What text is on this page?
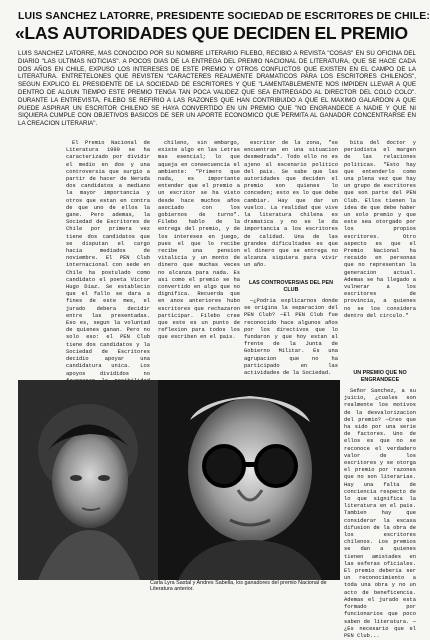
LUIS SANCHEZ LATORRE, PRESIDENTE SOCIEDAD DE ESCRITORES DE CHILE:
«LAS AUTORIDADES QUE DECIDEN EL PREMIO
LUIS SANCHEZ LATORRE, MAS CONOCIDO POR SU NOMBRE LITERARIO FILEBO, RECIBIO A REVISTA "COSAS" EN SU OFICINA DEL DIARIO "LAS ULTIMAS NOTICIAS". A POCOS DIAS DE LA ENTREGA DEL PREMIO NACIONAL DE LITERATURA, QUE SE HACE CADA DOS AÑOS EN CHILE, EXPUSO LOS INTERESES DE ESTE PREMIO Y OTROS CONFLICTOS QUE EXISTEN EN EL CAMPO DE LA LITERATURA. ENTRETELONES QUE REVISTEN "CARACTERES REALMENTE DRAMATICOS PARA LOS ESCRITORES CHILENOS", SEGUN EXPLICO EL PRESIDENTE DE LA SOCIEDAD DE ESCRITORES Y QUE "LAMENTABLEMENTE NOS IMPIDEN LLEVAR A QUE DENTRO DE ALGUN TIEMPO ESTE PREMIO TENGA TAN POCA VALIDEZ QUE SEA ENTREGADO AL DIRECTOR DEL COLO COLO". DURANTE LA ENTREVISTA, FILEBO SE REFIRIO A LAS RAZONES QUE HAN CONTRIBUIDO A QUE EL MAXIMO GALARDON A QUE PUEDE ASPIRAR UN ESCRITOR CHILENO SE HAYA CONVERTIDO EN UN PREMIO QUE "NO ENGRANDECE A NADIE Y QUE NI SIQUIERA CUMPLE CON OBJETIVOS BASICOS DE SER UN APORTE ECONOMICO QUE PERMITA AL GANADOR CONCENTRARSE EN LA CREACION LITERARIA".
El Premio Nacional de Literatura 1990 se ha caracterizado por dividir el medio en dos y una controversia que surgio a partir de hacer de Neruda dos candidatos a mediano la mayor importancia y otros que estan en contra de que uno de ellos la gane. Pero ademas, la Sociedad de Escritores de Chile por primera vez tiene dos candidatos que se disputan el cargo hacia mediados de noviembre. El PEN Club internacional con sede en Chile ha postulado como candidato el poeta Victor Hugo Diaz. Se establecio que el fallo se dara a fines de este mes, el jurado debera decidir entre las presentadas. Eso es, segun la voluntad de quienes ganan. Pero no solo eso: el PEN Club tiene dos candidatos y la Sociedad de Escritores decidio apoyar una candidatura unica. Los apoyos divididos no
chileno, sin embargo, existe algo en las Letras mas esencial; lo que aqueja en consecuencia el ambiente: "Primero que nada, es importante entender que el premio a un escritor se ha visto desde hace muchos años asociado con los gobiernos de turno". Filebo hablo de la entrega del premio, y de los intereses en juego, pues el que lo recibe recibe una pension vitalicia y un monto de dinero que muchas veces no alcanza para nada. Es asi como el premio se ha convertido en algo que no dignifica. Recuerda que en anos anteriores hubo escritores que rechazaron participar. Filebo cree que este es un punto de reflexion para todos los que escriben en el pais.
escritor de la zona, "se encuentran en una situacion desmedrada". Todo ello no es ajeno al escenario politico del pais. Se sabe que las autoridades que deciden el premio son quienes lo conceden; esto es lo que debe cambiar. Hay que dar un vuelco. La realidad que vive la literatura chilena es dramatica y no se le da importancia a los escritores de calidad. Una de las grandes dificultades es que el dinero que se entrega no alcanza siquiera para vivir un año.
LAS CONTROVERSIAS DEL PEN CLUB
—¿Podria explicarnos donde se origina la separacion del PEN Club? —El PEN Club fue reconocido hace algunos años por los directivos que lo fundaron y que hoy estan al frente de la Junta de Gobierno Militar. Es una agrupacion que no ha participado en las actividades de la Sociedad.
bita del doctor y periodista el margen de las relaciones politicas. "Esto hay que entenderlo como una plena vez que hay un grupo de escritores que son parte del PEN Club. Ellos tienen la idea de que debe haber un solo premio y que este sea otorgado por los propios escritores. Otro aspecto es que el Premio Nacional ha recaido en personas que no representan la generacion actual. Ademas se ha llegado a vulnerar a los escritores de provincia, a quienes no se los considera dentro del circulo."
UN PREMIO QUE NO ENGRANDECE
Señor Sanchez, a su juicio, ¿cuales son realmente los motivos de la desvalorizacion del premio? —Creo que ha sido por una serie de factores. Uno de ellos es que no se reconoce el verdadero valor de los escritores y se otorga el premio por razones que no son literarias. Hay una falta de conciencia respecto de lo que significa la literatura en el pais. Tambien hay que considerar la escasa difusion de la obra de los escritores chilenos. Los premios se dan a quienes tienen amistades en las esferas oficiales. El premio deberia ser un reconocimiento a toda una obra y no un acto de beneficencia. Ademas el jurado esta formado por funcionarios que poco saben de literatura. —¿Es necesario que el PEN Club...
Carla Lyra Sastal y Andres Sabella, los ganadores del premio Nacional de Literatura anterior.
